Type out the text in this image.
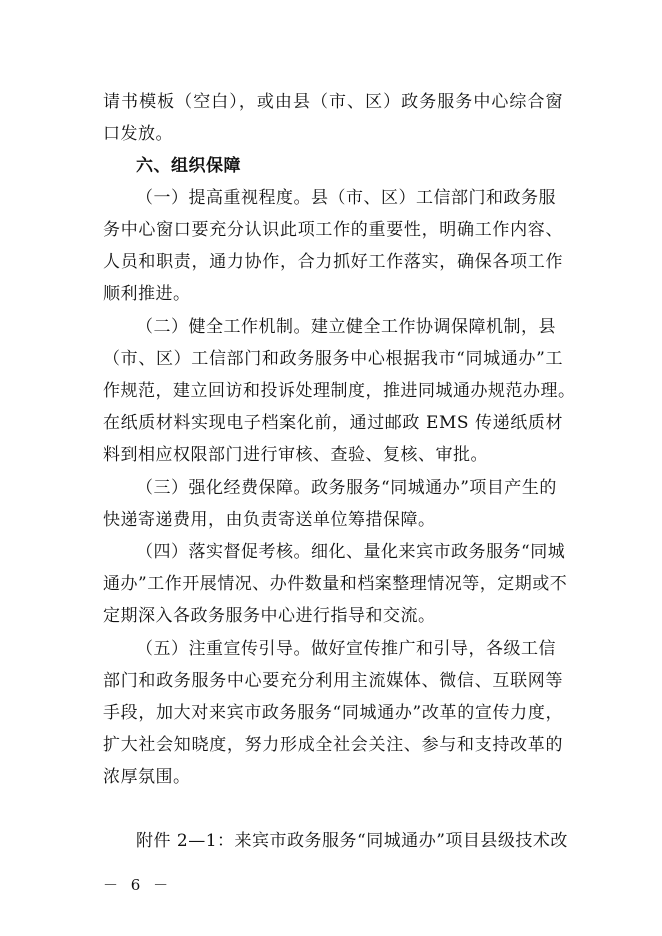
请书模板（空白），或由县（市、区）政务服务中心综合窗
口发放。
六、组织保障
（一）提高重视程度。县（市、区）工信部门和政务服
务中心窗口要充分认识此项工作的重要性，明确工作内容、
人员和职责，通力协作，合力抓好工作落实，确保各项工作
顺利推进。
（二）健全工作机制。建立健全工作协调保障机制，县
（市、区）工信部门和政务服务中心根据我市“同城通办”工
作规范，建立回访和投诉处理制度，推进同城通办规范办理。
在纸质材料实现电子档案化前，通过邮政 EMS 传递纸质材
料到相应权限部门进行审核、查验、复核、审批。
（三）强化经费保障。政务服务“同城通办”项目产生的
快递寄递费用，由负责寄送单位筹措保障。
（四）落实督促考核。细化、量化来宾市政务服务“同城
通办”工作开展情况、办件数量和档案整理情况等，定期或不
定期深入各政务服务中心进行指导和交流。
（五）注重宣传引导。做好宣传推广和引导，各级工信
部门和政务服务中心要充分利用主流媒体、微信、互联网等
手段，加大对来宾市政务服务“同城通办”改革的宣传力度，
扩大社会知晓度，努力形成全社会关注、参与和支持改革的
浓厚氛围。
附件 2—1：来宾市政务服务“同城通办”项目县级技术改
－ 6 －
